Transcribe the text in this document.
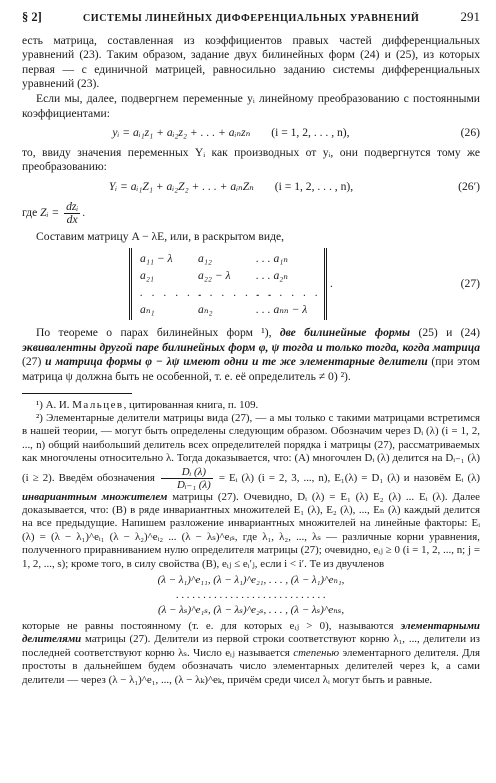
§ 2]	СИСТЕМЫ ЛИНЕЙНЫХ ДИФФЕРЕНЦИАЛЬНЫХ УРАВНЕНИЙ	291

есть матрица, составленная из коэффициентов правых частей дифференциальных уравнений (23). Таким образом, задание двух билинейных форм (24) и (25), из которых первая — с единичной матрицей, равносильно заданию системы дифференциальных уравнений (23).

Если мы, далее, подвергнем переменные yᵢ линейному преобразованию с постоянными коэффициентами:

yᵢ = aᵢ₁z₁ + aᵢ₂z₂ + . . . + aᵢₙzₙ (i = 1, 2, . . . , n),	(26)

то, ввиду значения переменных Yᵢ как производных от yᵢ, они подвергнутся тому же преобразованию:

Yᵢ = aᵢ₁Z₁ + aᵢ₂Z₂ + . . . + aᵢₙZₙ (i = 1, 2, . . . , n),	(26′)
где Zᵢ = $\frac{\text{dzᵢ}}{dx}$ .

Составим матрицу A − λE, или, в раскрытом виде,

a₁₁ − λ	a₁₂	. . . a₁ₙ
a₂₁	a₂₂ − λ	. . . a₂ₙ
. . . . . .
. . . . . . .
. . . . . .
aₙ₁	aₙ₂	. . . aₙₙ − λ
.	(27)

По теореме о парах билинейных форм ¹), две билинейные формы (25) и (24) эквивалентны другой паре билинейных форм φ, ψ тогда и только тогда, когда матрица (27) и матрица формы φ − λψ имеют одни и те же элементарные делители (при этом матрица ψ должна быть не особенной, т. е. её определитель ≠ 0) ²).

¹) А. И. Мальцев, цитированная книга, п. 109.

²) Элементарные делители матрицы вида (27), — а мы только с такими матрицами встретимся в нашей теории, — могут быть определены следующим образом. Обозначим через Dᵢ (λ) (i = 1, 2, ..., n) общий наибольший делитель всех определителей порядка i матрицы (27), рассматриваемых как многочлены относительно λ. Тогда доказывается, что: (A) многочлен Dᵢ (λ) делится на Dᵢ₋₁ (λ) (i ≥ 2). Введём обозначения $\frac{\text{Dᵢ (λ)}}{\text{Dᵢ₋₁ (λ)}}$ = Eᵢ (λ) (i = 2, 3, ..., n), E₁(λ) = D₁ (λ) и назовём Eᵢ (λ) инвариантным множителем матрицы (27). Очевидно, Dᵢ (λ) = E₁ (λ) E₂ (λ) ... Eᵢ (λ). Далее доказывается, что: (B) в ряде инвариантных множителей E₁ (λ), E₂ (λ), ..., Eₙ (λ) каждый делится на все предыдущие. Напишем разложение инвариантных множителей на линейные факторы: Eᵢ (λ) = (λ − λ₁)^eᵢ₁ (λ − λ₂)^eᵢ₂ ... (λ − λₛ)^eᵢₛ, где λ₁, λ₂, ..., λₛ — различные корни уравнения, полученного приравниванием нулю определителя матрицы (27); очевидно, eᵢⱼ ≥ 0 (i = 1, 2, ..., n; j = 1, 2, ..., s); кроме того, в силу свойства (B), eᵢⱼ ≤ eᵢ′ⱼ, если i < i′. Те из двучленов

(λ − λ₁)^e₁₁, (λ − λ₁)^e₂₁, . . . , (λ − λ₁)^eₙ₁,
. . . . . . . . . . . . . . . . . . . . . . . . . . . .
(λ − λₛ)^e₁ₛ, (λ − λₛ)^e₂ₛ, . . . , (λ − λₛ)^eₙₛ,

которые не равны постоянному (т. е. для которых eᵢⱼ > 0), называются элементарными делителями матрицы (27). Делители из первой строки соответствуют корню λ₁, ..., делители из последней соответствуют корню λₛ. Число eᵢⱼ называется степенью элементарного делителя. Для простоты в дальнейшем будем обозначать число элементарных делителей через k, а сами делители — через (λ − λ₁)^e₁, ..., (λ − λₖ)^eₖ, причём среди чисел λᵢ могут быть и равные.
